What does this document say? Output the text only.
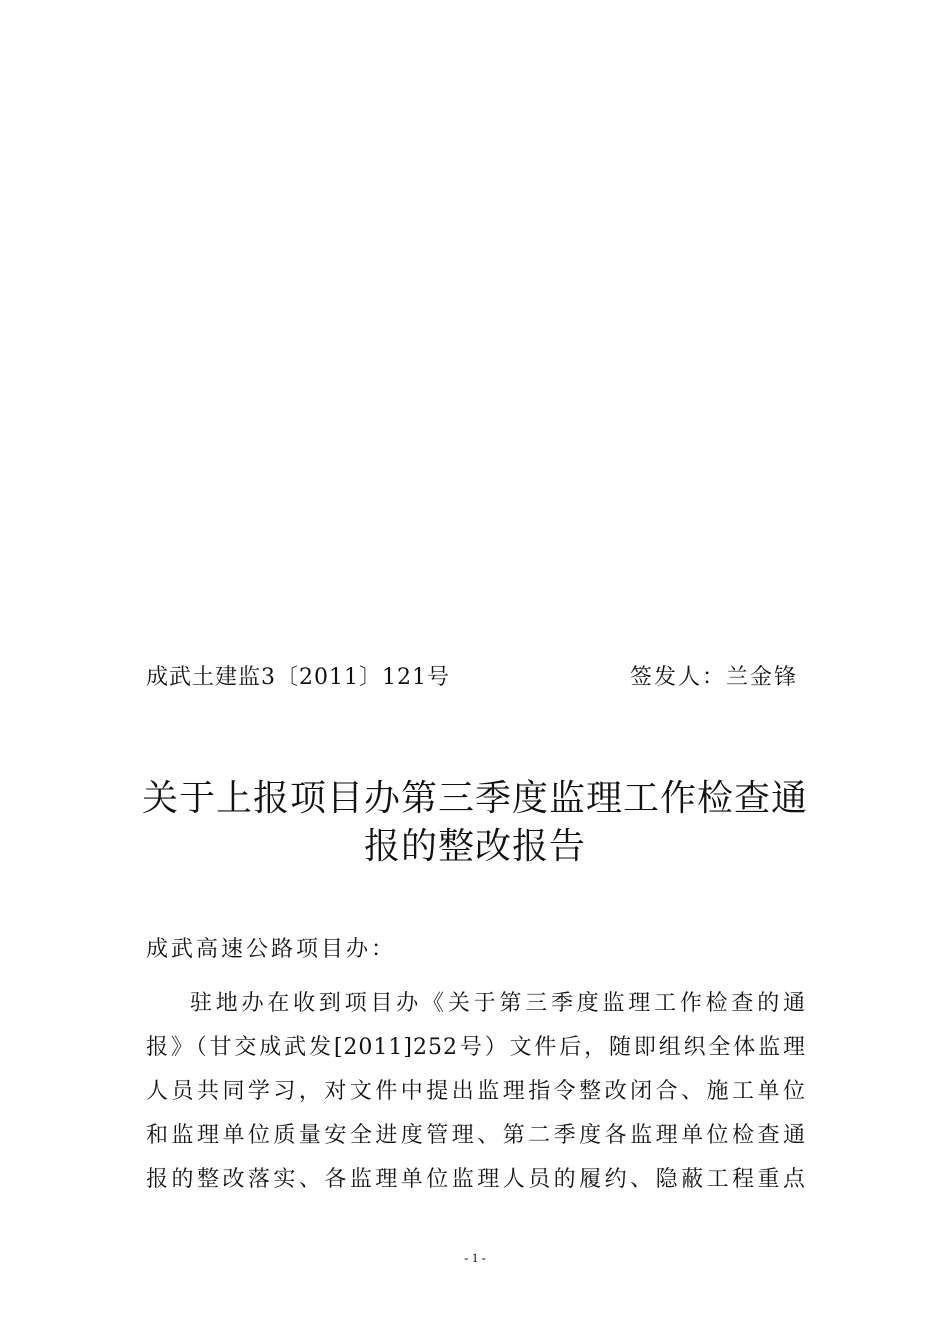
成武土建监3〔2011〕121号	签发人：兰金锋
关于上报项目办第三季度监理工作检查通
报的整改报告
成武高速公路项目办：
驻地办在收到项目办《关于第三季度监理工作检查的通
报》（甘交成武发[2011]252号）文件后，随即组织全体监理
人员共同学习，对文件中提出监理指令整改闭合、施工单位
和监理单位质量安全进度管理、第二季度各监理单位检查通
报的整改落实、各监理单位监理人员的履约、隐蔽工程重点
- 1 -
